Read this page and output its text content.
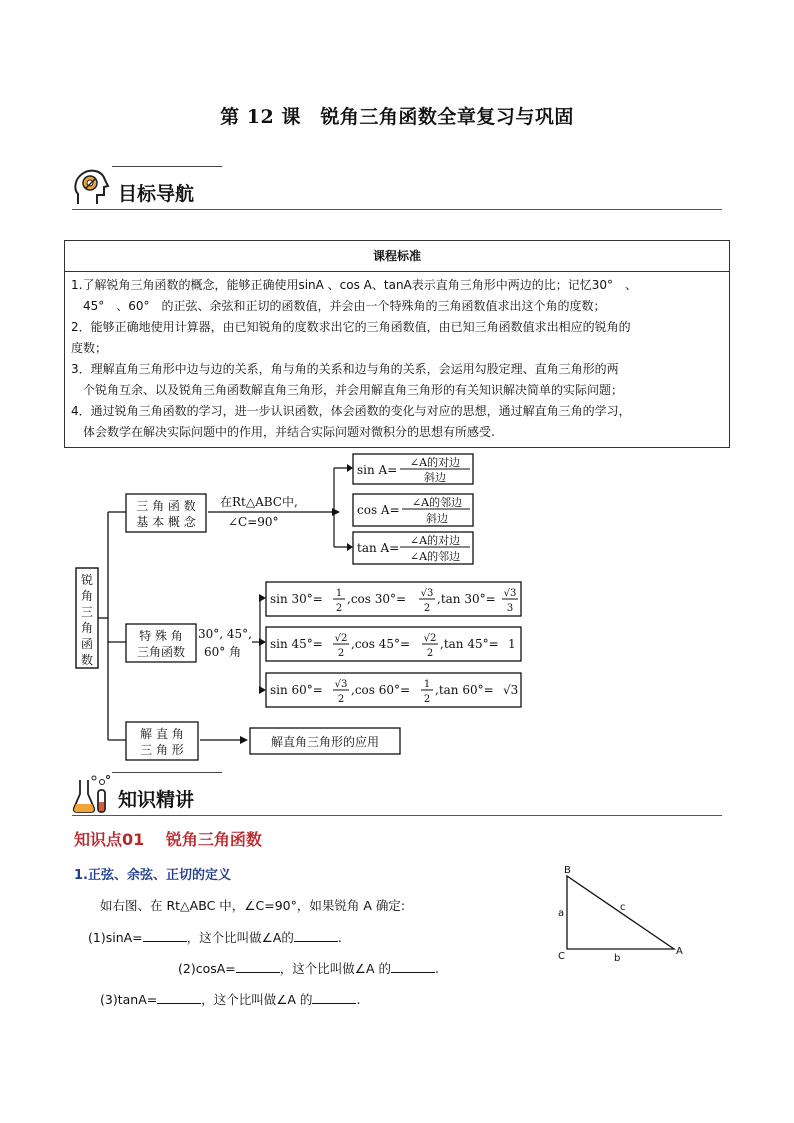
第 12 课　锐角三角函数全章复习与巩固
目标导航
课程标准

1.了解锐角三角函数的概念，能够正确使用sinA 、cos A、tanA表示直角三角形中两边的比；记忆30°　、

45°　、60°　的正弦、余弦和正切的函数值，并会由一个特殊角的三角函数值求出这个角的度数；

2．能够正确地使用计算器，由已知锐角的度数求出它的三角函数值，由已知三角函数值求出相应的锐角的

度数；

3．理解直角三角形中边与边的关系，角与角的关系和边与角的关系，会运用勾股定理、直角三角形的两

个锐角互余、以及锐角三角函数解直角三角形，并会用解直角三角形的有关知识解决简单的实际问题；

4．通过锐角三角函数的学习，进一步认识函数，体会函数的变化与对应的思想，通过解直角三角的学习，

体会数学在解决实际问题中的作用，并结合实际问题对微积分的思想有所感受.

锐
角
三
角
函
数
三 角 函 数
基 本 概 念
在Rt△ABC中,
∠C=90°
sin A=
∠A的对边
斜边
cos A=
∠A的邻边
斜边
tan A=
∠A的对边
∠A的邻边
特 殊 角
三角函数
30°, 45°,
60° 角
sin 30°= 1
2
,cos 30°= √3
2
,tan 30°= √3
3
sin 45°= √2
2
,cos 45°= √2
2
,tan 45°= 1
sin 60°= √3
2
,cos 60°= 1
2
,tan 60°= √3
解 直 角
三 角 形
解直角三角形的应用
知识精讲
知识点01　 锐角三角函数
1.正弦、余弦、正切的定义
如右图、在 Rt△ABC 中，∠C=90°，如果锐角 A 确定:
(1)sinA=	，这个比叫做∠A的	.
(2)cosA=	，这个比叫做∠A 的	.
(3)tanA=	，这个比叫做∠A 的	.
B
C	A
a
b
c
